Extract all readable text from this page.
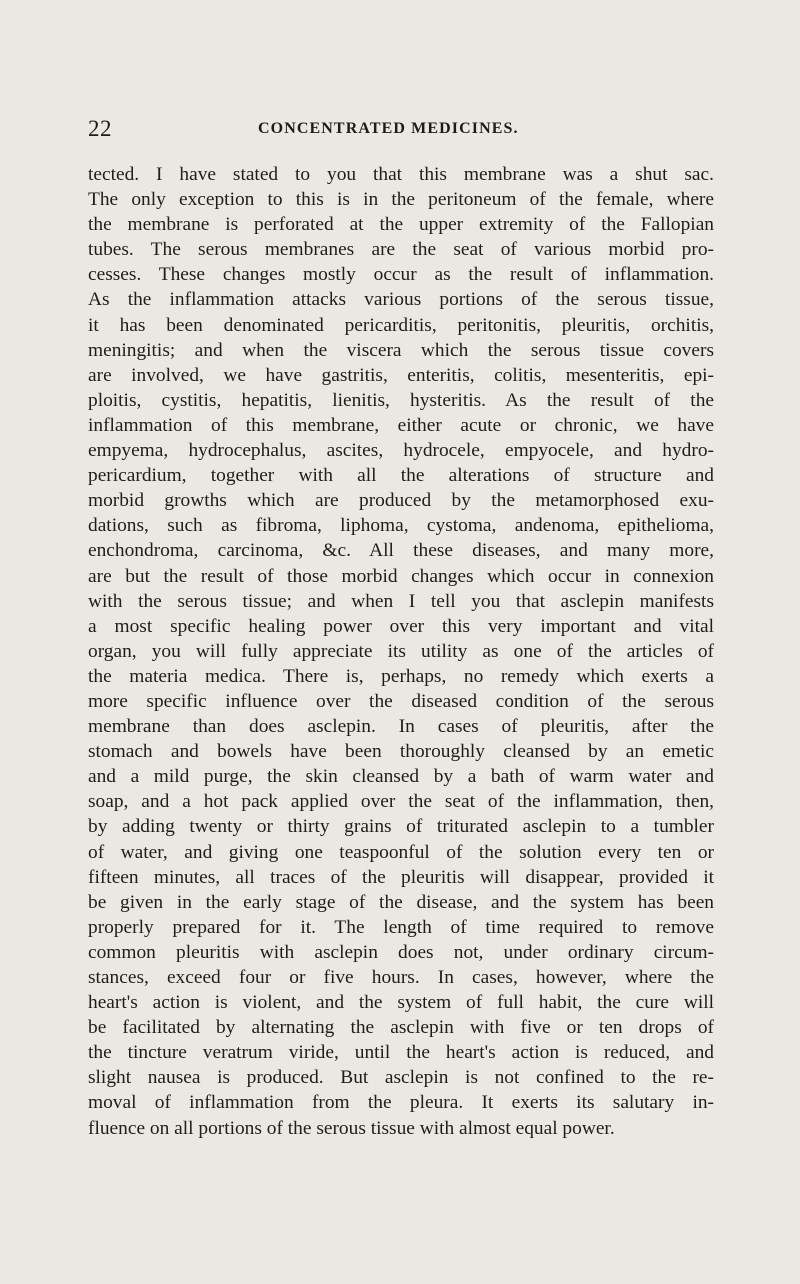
22	CONCENTRATED MEDICINES.
tected. I have stated to you that this membrane was a shut sac.
The only exception to this is in the peritoneum of the female, where
the membrane is perforated at the upper extremity of the Fallopian
tubes. The serous membranes are the seat of various morbid pro-
cesses. These changes mostly occur as the result of inflammation.
As the inflammation attacks various portions of the serous tissue,
it has been denominated pericarditis, peritonitis, pleuritis, orchitis,
meningitis; and when the viscera which the serous tissue covers
are involved, we have gastritis, enteritis, colitis, mesenteritis, epi-
ploitis, cystitis, hepatitis, lienitis, hysteritis. As the result of the
inflammation of this membrane, either acute or chronic, we have
empyema, hydrocephalus, ascites, hydrocele, empyocele, and hydro-
pericardium, together with all the alterations of structure and
morbid growths which are produced by the metamorphosed exu-
dations, such as fibroma, liphoma, cystoma, andenoma, epithelioma,
enchondroma, carcinoma, &c. All these diseases, and many more,
are but the result of those morbid changes which occur in connexion
with the serous tissue; and when I tell you that asclepin manifests
a most specific healing power over this very important and vital
organ, you will fully appreciate its utility as one of the articles of
the materia medica. There is, perhaps, no remedy which exerts a
more specific influence over the diseased condition of the serous
membrane than does asclepin. In cases of pleuritis, after the
stomach and bowels have been thoroughly cleansed by an emetic
and a mild purge, the skin cleansed by a bath of warm water and
soap, and a hot pack applied over the seat of the inflammation, then,
by adding twenty or thirty grains of triturated asclepin to a tumbler
of water, and giving one teaspoonful of the solution every ten or
fifteen minutes, all traces of the pleuritis will disappear, provided it
be given in the early stage of the disease, and the system has been
properly prepared for it. The length of time required to remove
common pleuritis with asclepin does not, under ordinary circum-
stances, exceed four or five hours. In cases, however, where the
heart's action is violent, and the system of full habit, the cure will
be facilitated by alternating the asclepin with five or ten drops of
the tincture veratrum viride, until the heart's action is reduced, and
slight nausea is produced. But asclepin is not confined to the re-
moval of inflammation from the pleura. It exerts its salutary in-
fluence on all portions of the serous tissue with almost equal power.
